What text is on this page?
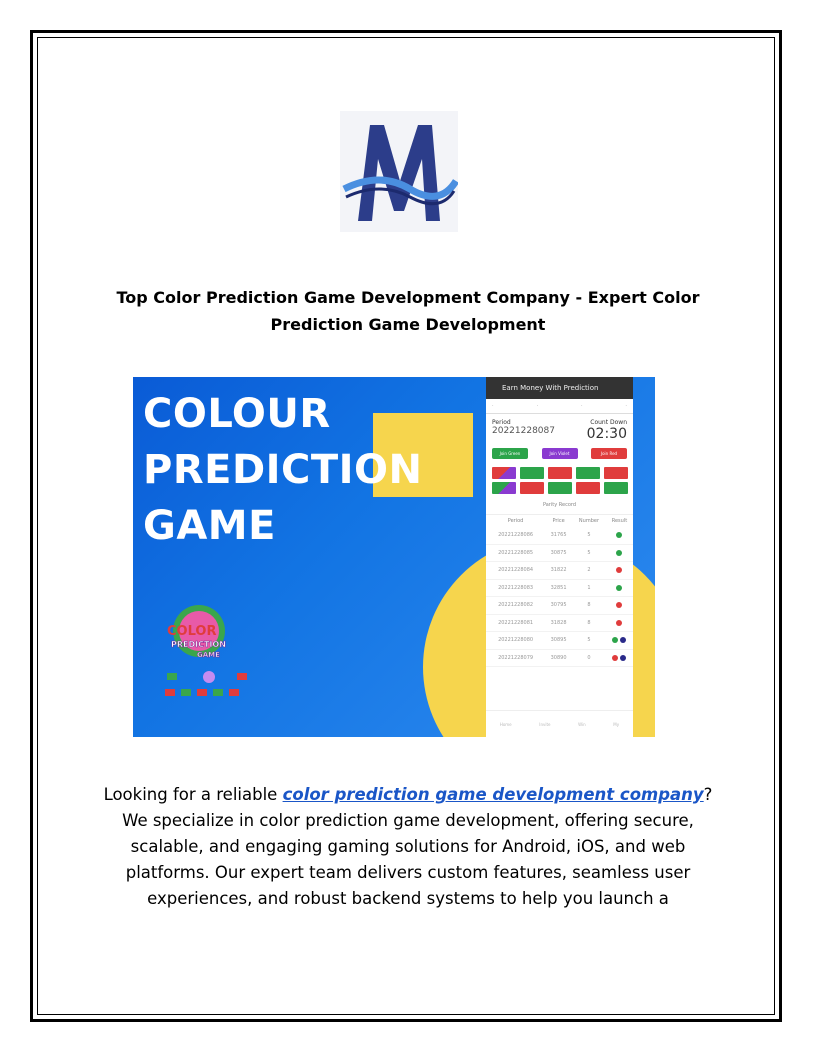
Top Color Prediction Game Development Company - Expert Color
Prediction Game Development
COLOUR
PREDICTION
GAME
COLOR
PREDICTION
GAME
Earn Money With Prediction
·	·	·	·
Period	Count Down
20221228087 02:30
Join Green	Join Violet	Join Red
Parity Record
Period	Price	Number	Result
20221228086	31765	5	
20221228085	30875	5	
20221228084	31822	2	
20221228083	32851	1	
20221228082	30795	8	
20221228081	31828	8	
20221228080	30895	5	
20221228079	30890	0	
Home	Invite	Win	My
Looking for a reliable color prediction game development company?
We specialize in color prediction game development, offering secure,
scalable, and engaging gaming solutions for Android, iOS, and web
platforms. Our expert team delivers custom features, seamless user
experiences, and robust backend systems to help you launch a
